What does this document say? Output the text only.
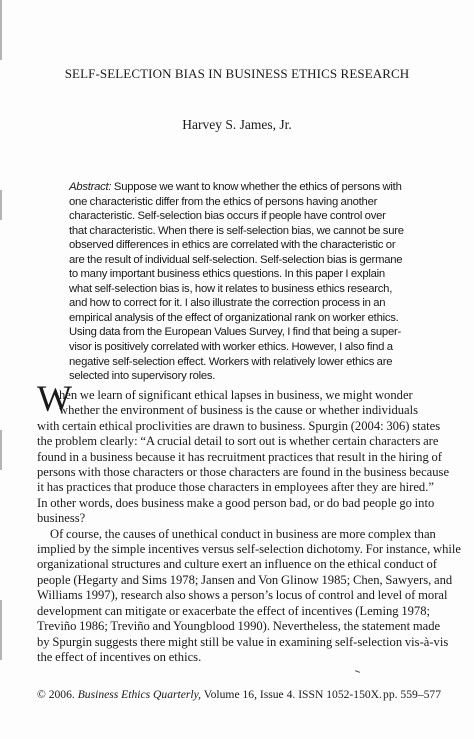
SELF-SELECTION BIAS IN BUSINESS ETHICS RESEARCH
Harvey S. James, Jr.
Abstract: Suppose we want to know whether the ethics of persons with
one characteristic differ from the ethics of persons having another
characteristic. Self-selection bias occurs if people have control over
that characteristic. When there is self-selection bias, we cannot be sure
observed differences in ethics are correlated with the characteristic or
are the result of individual self-selection. Self-selection bias is germane
to many important business ethics questions. In this paper I explain
what self-selection bias is, how it relates to business ethics research,
and how to correct for it. I also illustrate the correction process in an
empirical analysis of the effect of organizational rank on worker ethics.
Using data from the European Values Survey, I find that being a super-
visor is positively correlated with worker ethics. However, I also find a
negative self-selection effect. Workers with relatively lower ethics are
selected into supervisory roles.
W
hen we learn of significant ethical lapses in business, we might wonder
whether the environment of business is the cause or whether individuals
with certain ethical proclivities are drawn to business. Spurgin (2004: 306) states
the problem clearly: “A crucial detail to sort out is whether certain characters are
found in a business because it has recruitment practices that result in the hiring of
persons with those characters or those characters are found in the business because
it has practices that produce those characters in employees after they are hired.”
In other words, does business make a good person bad, or do bad people go into
business?
Of course, the causes of unethical conduct in business are more complex than
implied by the simple incentives versus self-selection dichotomy. For instance, while
organizational structures and culture exert an influence on the ethical conduct of
people (Hegarty and Sims 1978; Jansen and Von Glinow 1985; Chen, Sawyers, and
Williams 1997), research also shows a person’s locus of control and level of moral
development can mitigate or exacerbate the effect of incentives (Leming 1978;
Treviño 1986; Treviño and Youngblood 1990). Nevertheless, the statement made
by Spurgin suggests there might still be value in examining self-selection vis-à-vis
the effect of incentives on ethics.
© 2006. Business Ethics Quarterly, Volume 16, Issue 4. ISSN 1052-150X. pp. 559–577
